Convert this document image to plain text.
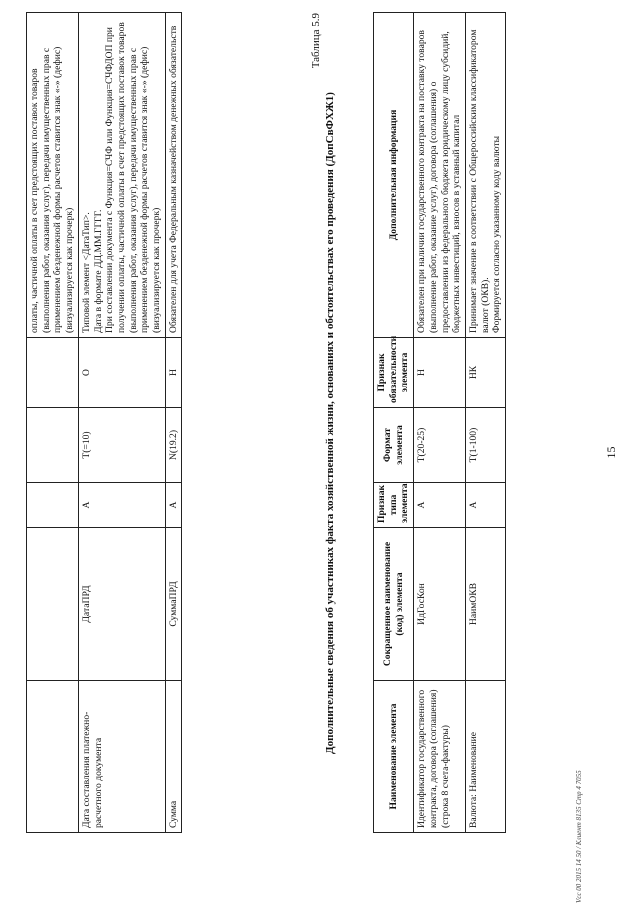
15
					оплаты, частичной оплаты в счет предстоящих поставок товаров (выполнения работ, оказания услуг), передачи имущественных прав с применением безденежной формы расчетов ставится знак «-» (дефис) (визуализируется как прочерк)
Дата составления платежно-расчетного документа	ДатаПРД	А	T(=10)	О	Типовой элемент <ДатаТип>. Дата в формате ДД.ММ.ГГГГ. При составлении документа с Функция=СЧФ или Функция=СЧФДОП при получении оплаты, частичной оплаты в счет предстоящих поставок товаров (выполнения работ, оказания услуг), передачи имущественных прав с применением безденежной формы расчетов ставится знак «-» (дефис) (визуализируется как прочерк)

Сумма	СуммаПРД	А	N(19.2)	Н	Обязателен для учета Федеральным казначейством денежных обязательств	Таблица 5.9
Дополнительные сведения об участниках факта хозяйственной жизни, основаниях и обстоятельствах его проведения (ДопСвФХЖ1)
Наименование элемента	Сокращенное наименование (код) элемента	Признак типа элемента	Формат элемента	Признак обязательности элемента	Дополнительная информация
Идентификатор государственного контракта, договора (соглашения) (строка 8 счета-фактуры)	ИдГосКон	А	T(20-25)	Н	Обязателен при наличии государственного контракта на поставку товаров (выполнение работ, оказание услуг), договора (соглашения) о предоставлении из федерального бюджета юридическому лицу субсидий, бюджетных инвестиций, взносов в уставный капитал

Валюта: Наименование	НаимОКВ	А	T(1-100)	НК	Принимает значение в соответствии с Общероссийским классификатором валют (ОКВ). Формируется согласно указанному коду валюты
Vcc 00 2015 14 50 / Клиент 8135 Стр 4 7055
